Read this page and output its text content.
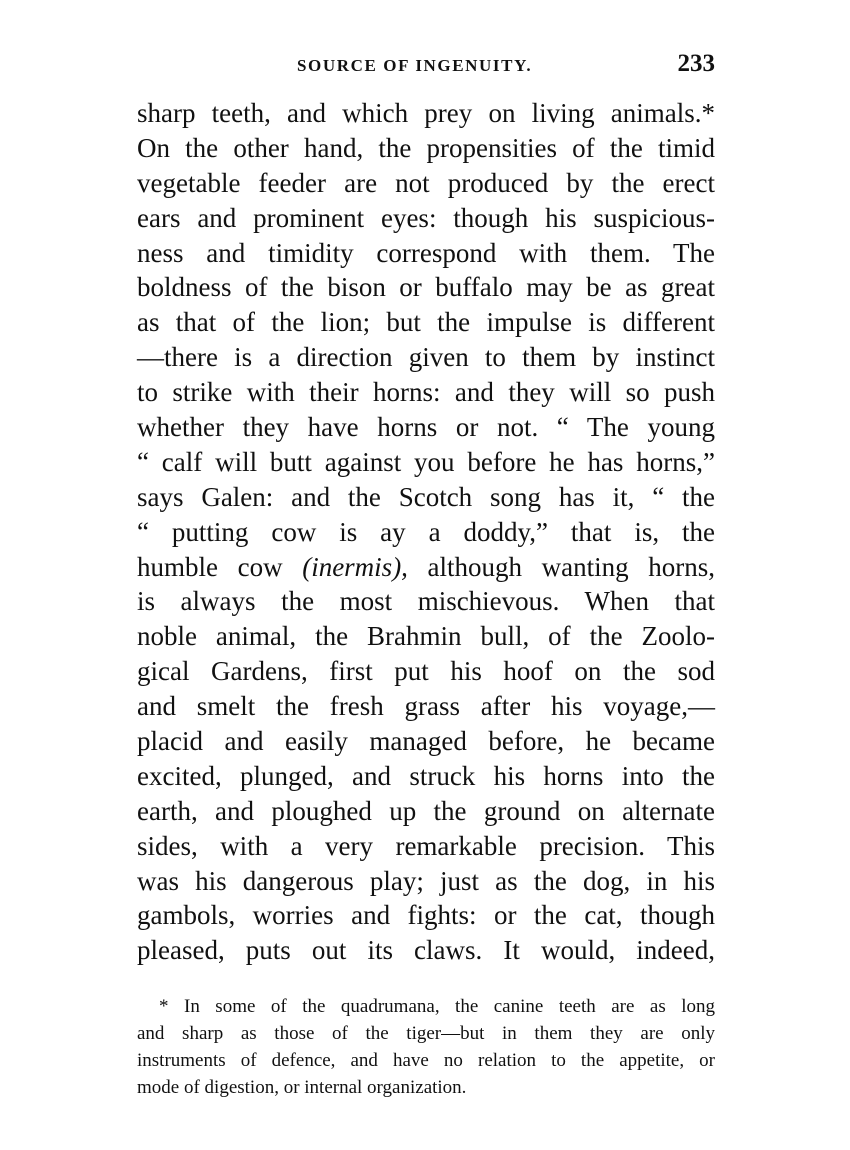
SOURCE OF INGENUITY.	233
sharp teeth, and which prey on living animals.*
On the other hand, the propensities of the timid
vegetable feeder are not produced by the erect
ears and prominent eyes: though his suspicious-
ness and timidity correspond with them. The
boldness of the bison or buffalo may be as great
as that of the lion; but the impulse is different
—there is a direction given to them by instinct
to strike with their horns: and they will so push
whether they have horns or not. “ The young
“ calf will butt against you before he has horns,”
says Galen: and the Scotch song has it, “ the
“ putting cow is ay a doddy,” that is, the
humble cow (inermis), although wanting horns,
is always the most mischievous. When that
noble animal, the Brahmin bull, of the Zoolo-
gical Gardens, first put his hoof on the sod
and smelt the fresh grass after his voyage,—
placid and easily managed before, he became
excited, plunged, and struck his horns into the
earth, and ploughed up the ground on alternate
sides, with a very remarkable precision. This
was his dangerous play; just as the dog, in his
gambols, worries and fights: or the cat, though
pleased, puts out its claws. It would, indeed,
* In some of the quadrumana, the canine teeth are as long
and sharp as those of the tiger—but in them they are only
instruments of defence, and have no relation to the appetite, or
mode of digestion, or internal organization.
